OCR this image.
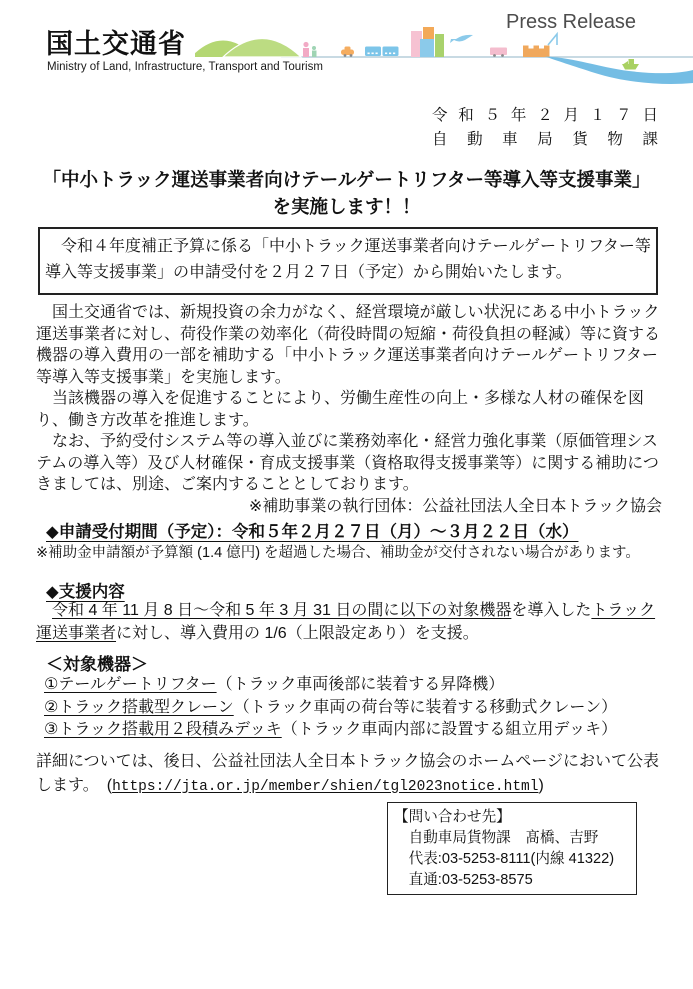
国土交通省
Ministry of Land, Infrastructure, Transport and Tourism
Press Release
令和５年２月１７日
自動車局貨物課
「中小トラック運送事業者向けテールゲートリフター等導入等支援事業」
を実施します！！
　令和４年度補正予算に係る「中小トラック運送事業者向けテールゲートリフター等導入等支援事業」の申請受付を２月２７日（予定）から開始いたします。

　国土交通省では、新規投資の余力がなく、経営環境が厳しい状況にある中小トラック運送事業者に対し、荷役作業の効率化（荷役時間の短縮・荷役負担の軽減）等に資する機器の導入費用の一部を補助する「中小トラック運送事業者向けテールゲートリフター等導入等支援事業」を実施します。

　当該機器の導入を促進することにより、労働生産性の向上・多様な人材の確保を図り、働き方改革を推進します。

　なお、予約受付システム等の導入並びに業務効率化・経営力強化事業（原価管理システムの導入等）及び人材確保・育成支援事業（資格取得支援事業等）に関する補助につきましては、別途、ご案内することとしております。

※補助事業の執行団体：公益社団法人全日本トラック協会

◆申請受付期間（予定）：令和５年２月２７日（月）～３月２２日（水）
※補助金申請額が予算額 (1.4 億円) を超過した場合、補助金が交付されない場合があります。
◆支援内容
　令和 4 年 11 月 8 日～令和 5 年 3 月 31 日の間に以下の対象機器を導入したトラック運送事業者に対し、導入費用の 1/6（上限設定あり）を支援。
＜対象機器＞
①テールゲートリフター（トラック車両後部に装着する昇降機）
②トラック搭載型クレーン（トラック車両の荷台等に装着する移動式クレーン）
③トラック搭載用２段積みデッキ（トラック車両内部に設置する組立用デッキ）
詳細については、後日、公益社団法人全日本トラック協会のホームページにおいて公表します。　(https://jta.or.jp/member/shien/tgl2023notice.html)
【問い合わせ先】
　自動車局貨物課　髙橋、吉野
　代表:03-5253-8111(内線 41322)
　直通:03-5253-8575
